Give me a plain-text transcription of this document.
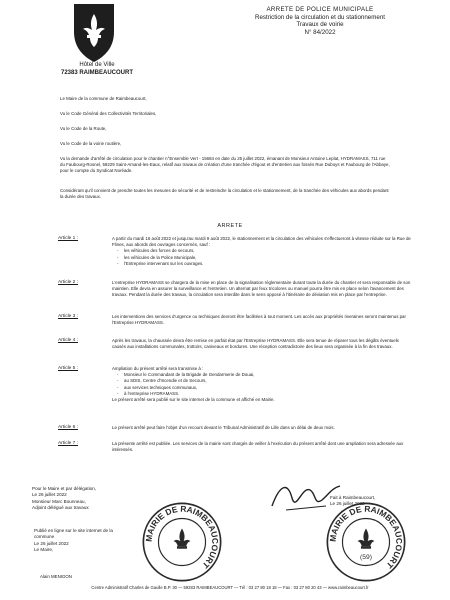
Hôtel de Ville
72383 RAIMBEAUCOURT
ARRETE DE POLICE MUNICIPALE
Restriction de la circulation et du stationnement
Travaux de voirie
N° 84/2022
Le Maire de la commune de Raimbeaucourt,
Vu le Code Général des Collectivités Territoriales,
Vu le Code de la Route,
Vu le Code de la voirie routière,
Vu la demande d'arrêté de circulation pour le chantier n°Ensemble Vert - 15684 en date du 25 juillet 2022, émanant de Monsieur Antoine Leplat, HYDRAMASS, 711 rue du Faubourg-Rosnel, 59229 Saint-Amand-les-Eaux, relatif aux travaux de création d'une tranchée d'égout et d'entretien aux fossés Rue Duboys et Faubourg de l'Abbaye, pour le compte du Syndicat Noréade.
Considérant qu'il convient de prendre toutes les mesures de sécurité et de restreindre la circulation et le stationnement, de la tranchée des véhicules aux abords pendant la durée des travaux.
ARRETE
Article 1 :	A partir du mardi 16 août 2022 et jusqu'au mardi 9 août 2022, le stationnement et la circulation des véhicules s'effectueront à vitesse réduite sur la Rue de Flines, aux abords des ouvrages concernés, sauf :
- les véhicules des forces de secours,
- les véhicules de la Police Municipale,
- l'Entreprise intervenant sur les ouvrages.
Article 2 :	L'entreprise HYDRAMASS se chargera de la mise en place de la signalisation réglementaire durant toute la durée du chantier et sera responsable de son maintien. Elle devra en assurer la surveillance et l'entretien. Un alternat par feux tricolores ou manuel pourra être mis en place selon l'avancement des travaux. Pendant la durée des travaux, la circulation sera interdite dans le sens opposé à l'itinéraire de déviation mis en place par l'entreprise.
Article 3 :	Les interventions des services d'urgence ou techniques devront être facilitées à tout moment. Les accès aux propriétés riveraines seront maintenus par l'Entreprise HYDRAMASS.
Article 4 :	Après les travaux, la chaussée devra être remise en parfait état par l'Entreprise HYDRAMASS. Elle sera tenue de réparer tous les dégâts éventuels causés aux installations communales, trottoirs, caniveaux et bordures. Une réception contradictoire des lieux sera organisée à la fin des travaux.
Article 5 :	Ampliation du présent arrêté sera transmise à :
- Monsieur le Commandant de la Brigade de Gendarmerie de Douai,
- au SDIS, Centre d'Incendie et de Secours,
- aux services techniques communaux,
- à l'entreprise HYDRAMASS.
Le présent arrêté sera publié sur le site internet de la commune et affiché en Mairie.
Article 6 :	Le présent arrêté peut faire l'objet d'un recours devant le Tribunal Administratif de Lille dans un délai de deux mois.
Article 7 :	La présente arrêté est publiée. Les services de la mairie sont chargés de veiller à l'exécution du présent arrêté dont une ampliation sera adressée aux intéressés.
Pour le Maire et par délégation,
Le 26 juillet 2022
Monsieur Marc Bounneau,
Adjoint délégué aux travaux
Publié en ligne sur le site internet de la commune
Le 26 juillet 2022
Le Maire,
MAIRIE DE RAIMBEAUCOURT
Fait à Raimbeaucourt,
Le 26 juillet 2022
MAIRIE DE RAIMBEAUCOURT
(59)
Alain MENIGON
Centre Administratif Charles de Gaulle B.P. 30 — 59283 RAIMBEAUCOURT — Tél : 03 27 80 18 18 — Fax : 03 27 80 20 43 — www.raimbeaucourt.fr
